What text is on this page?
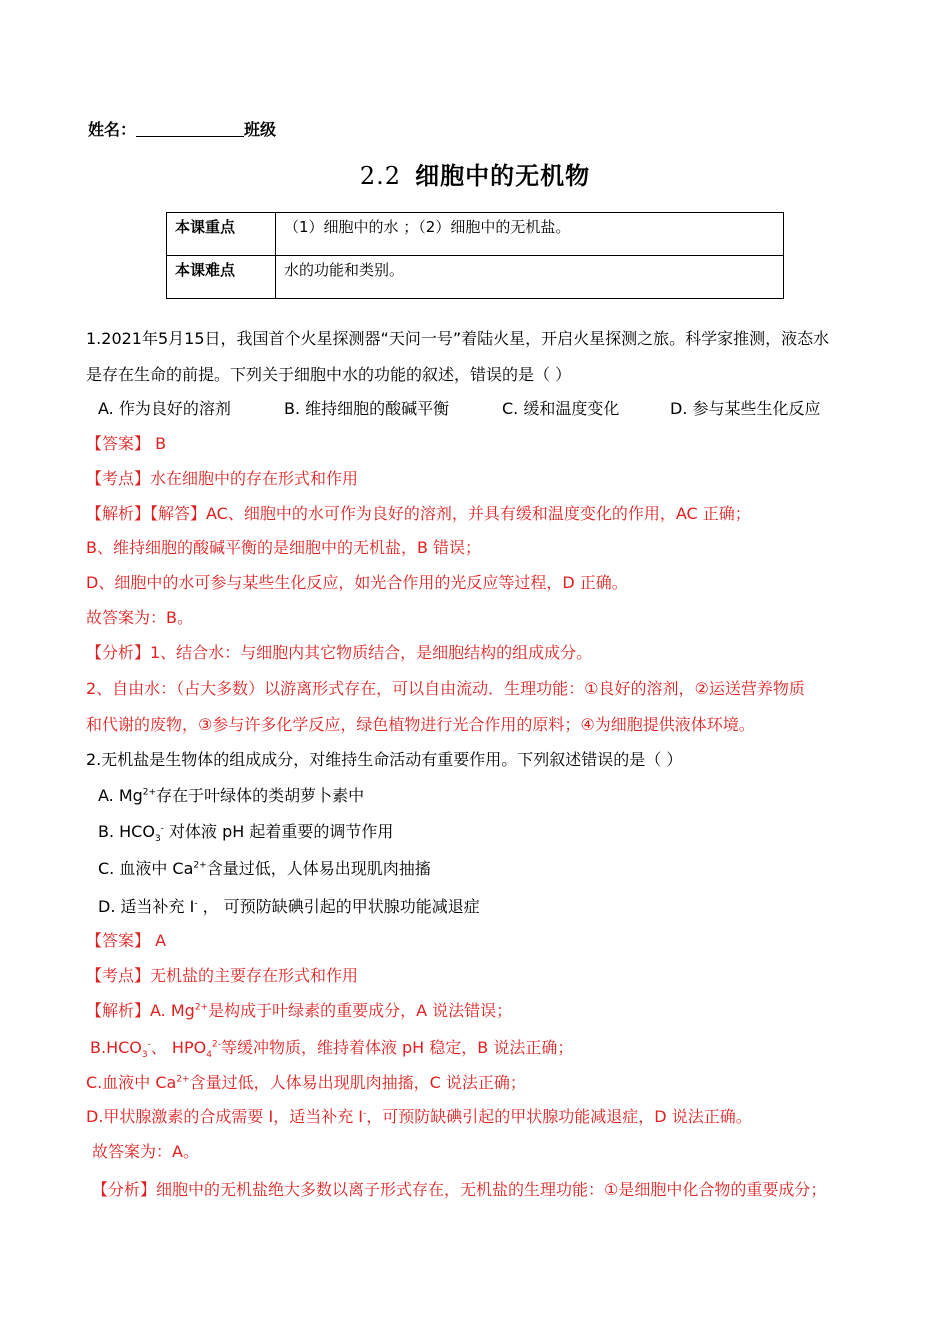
姓名：	班级
2.2 细胞中的无机物
本课重点	（1）细胞中的水 ；（2）细胞中的无机盐。
本课难点	水的功能和类别。
1.2021年5月15日，我国首个火星探测器“天问一号”着陆火星，开启火星探测之旅。科学家推测，液态水
是存在生命的前提。下列关于细胞中水的功能的叙述，错误的是（ ）
A. 作为良好的溶剂	B. 维持细胞的酸碱平衡	C. 缓和温度变化	D. 参与某些生化反应
【答案】 B
【考点】水在细胞中的存在形式和作用
【解析】【解答】AC、细胞中的水可作为良好的溶剂，并具有缓和温度变化的作用，AC 正确；
B、维持细胞的酸碱平衡的是细胞中的无机盐，B 错误；
D、细胞中的水可参与某些生化反应，如光合作用的光反应等过程，D 正确。
故答案为：B。
【分析】1、结合水：与细胞内其它物质结合，是细胞结构的组成成分。
2、自由水：（占大多数）以游离形式存在，可以自由流动．生理功能：①良好的溶剂，②运送营养物质
和代谢的废物，③参与许多化学反应，绿色植物进行光合作用的原料；④为细胞提供液体环境。
2.无机盐是生物体的组成成分，对维持生命活动有重要作用。下列叙述错误的是（ ）
A. $Mg^{2+}$存在于叶绿体的类胡萝卜素中
B. $HCO_3^-$ 对体液 pH 起着重要的调节作用
C. 血液中 $Ca^{2+}$含量过低，人体易出现肌肉抽搐
D. 适当补充 I- ， 可预防缺碘引起的甲状腺功能减退症
【答案】 A
【考点】无机盐的主要存在形式和作用
【解析】A. $Mg^{2+}$是构成于叶绿素的重要成分，A 说法错误；
$B.HCO_3^-$、 $HPO_4^{2-}$等缓冲物质，维持着体液 pH 稳定，B 说法正确；
C.血液中 $Ca^{2+}$含量过低，人体易出现肌肉抽搐，C 说法正确；
D.甲状腺激素的合成需要 I，适当补充 I-，可预防缺碘引起的甲状腺功能减退症，D 说法正确。
故答案为：A。
【分析】细胞中的无机盐绝大多数以离子形式存在，无机盐的生理功能：①是细胞中化合物的重要成分；
